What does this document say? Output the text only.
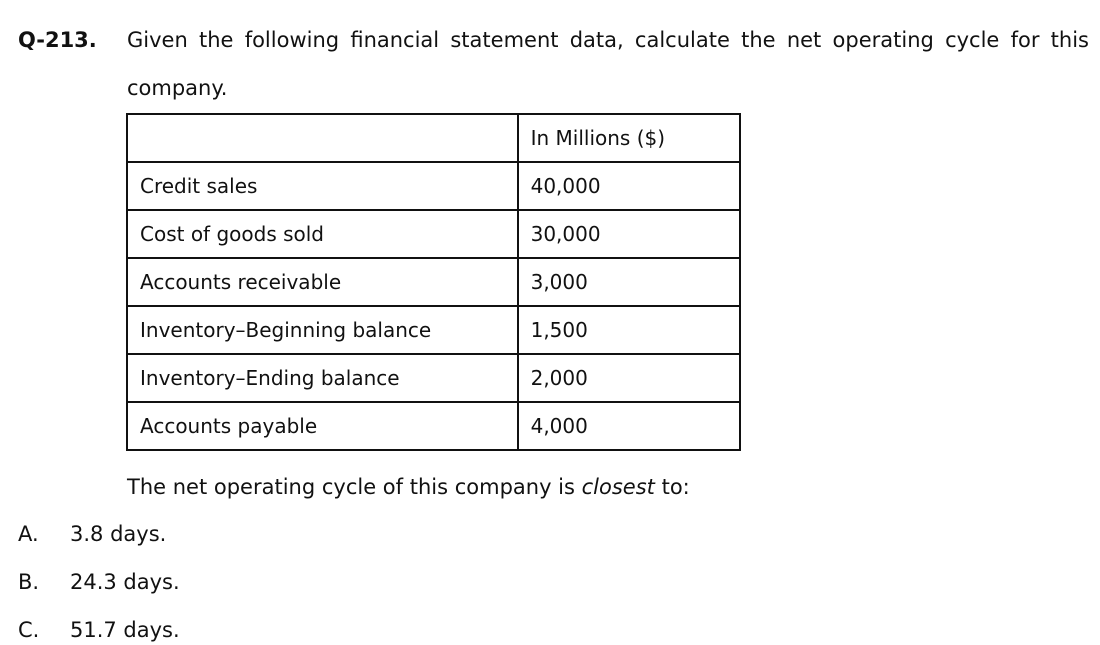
Q-213. Given the following financial statement data, calculate the net operating cycle for this
company.
	In Millions ($)
Credit sales	40,000
Cost of goods sold	30,000
Accounts receivable	3,000
Inventory–Beginning balance	1,500
Inventory–Ending balance	2,000
Accounts payable	4,000
The net operating cycle of this company is closest to:
A. 3.8 days.
B. 24.3 days.
C. 51.7 days.
